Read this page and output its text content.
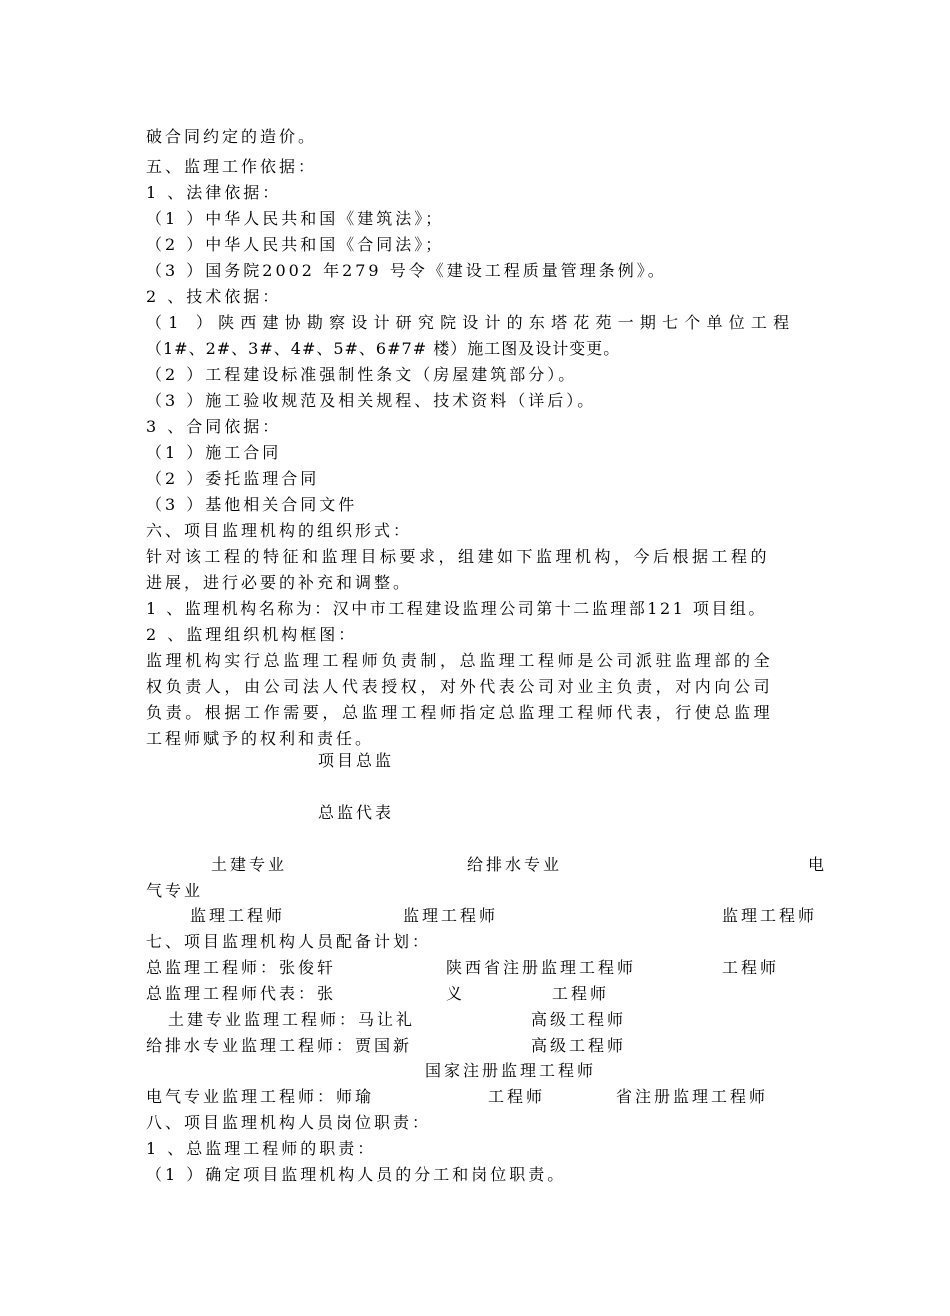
破合同约定的造价。
五、监理工作依据：
1 、法律依据：
（1 ）中华人民共和国《建筑法》；
（2 ）中华人民共和国《合同法》；
（3 ）国务院2002 年279 号令《建设工程质量管理条例》。
2 、技术依据：
（1 ）陕西建协勘察设计研究院设计的东塔花苑一期七个单位工程
（1#、2#、3#、4#、5#、6#7# 楼）施工图及设计变更。
（2 ）工程建设标准强制性条文（房屋建筑部分）。
（3 ）施工验收规范及相关规程、技术资料（详后）。
3 、合同依据：
（1 ）施工合同
（2 ）委托监理合同
（3 ）基他相关合同文件
六、项目监理机构的组织形式：
针对该工程的特征和监理目标要求，组建如下监理机构，今后根据工程的
进展，进行必要的补充和调整。
1 、监理机构名称为：汉中市工程建设监理公司第十二监理部121 项目组。
2 、监理组织机构框图：
监理机构实行总监理工程师负责制，总监理工程师是公司派驻监理部的全
权负责人，由公司法人代表授权，对外代表公司对业主负责，对内向公司
负责。根据工作需要，总监理工程师指定总监理工程师代表，行使总监理
工程师赋予的权利和责任。
项目总监
总监代表
土建专业	给排水专业	电
气专业
监理工程师	监理工程师	监理工程师
七、项目监理机构人员配备计划：
总监理工程师：张俊轩	陕西省注册监理工程师	工程师
总监理工程师代表：张	义	工程师
土建专业监理工程师：马让礼	高级工程师
给排水专业监理工程师：贾国新	高级工程师
国家注册监理工程师
电气专业监理工程师：师瑜	工程师	省注册监理工程师
八、项目监理机构人员岗位职责：
1 、总监理工程师的职责：
（1 ）确定项目监理机构人员的分工和岗位职责。
